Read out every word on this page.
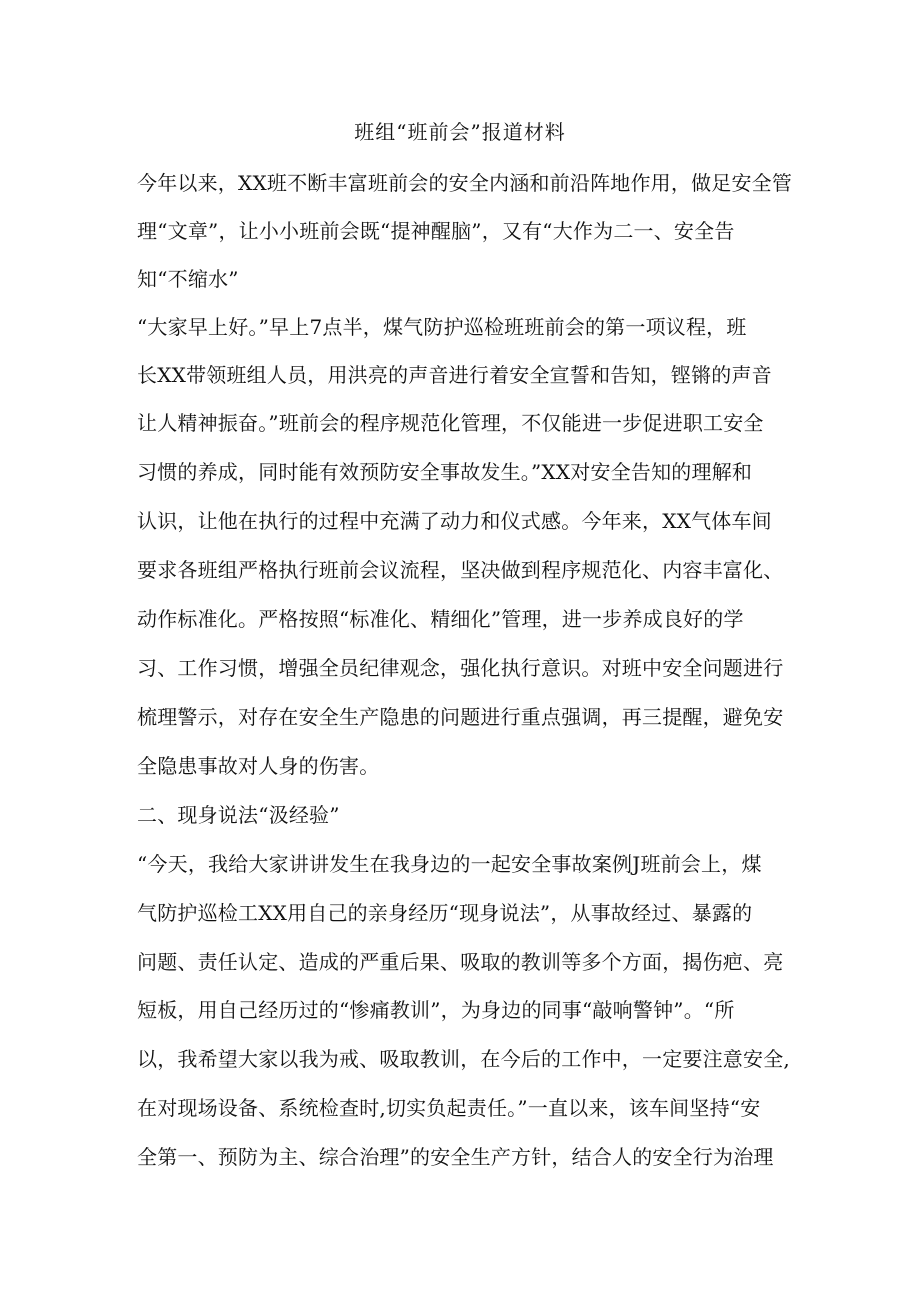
班组“班前会”报道材料
今年以来，XX班不断丰富班前会的安全内涵和前沿阵地作用，做足安全管
理“文章”，让小小班前会既“提神醒脑”，又有“大作为二一、安全告
知“不缩水”
“大家早上好。”早上7点半，煤气防护巡检班班前会的第一项议程，班
长XX带领班组人员，用洪亮的声音进行着安全宣誓和告知，铿锵的声音
让人精神振奋。”班前会的程序规范化管理，不仅能进一步促进职工安全
习惯的养成，同时能有效预防安全事故发生。”XX对安全告知的理解和
认识，让他在执行的过程中充满了动力和仪式感。今年来，XX气体车间
要求各班组严格执行班前会议流程，坚决做到程序规范化、内容丰富化、
动作标准化。严格按照“标准化、精细化”管理，进一步养成良好的学
习、工作习惯，增强全员纪律观念，强化执行意识。对班中安全问题进行
梳理警示，对存在安全生产隐患的问题进行重点强调，再三提醒，避免安
全隐患事故对人身的伤害。
二、现身说法“汲经验”
“今天，我给大家讲讲发生在我身边的一起安全事故案例J班前会上，煤
气防护巡检工XX用自己的亲身经历“现身说法”，从事故经过、暴露的
问题、责任认定、造成的严重后果、吸取的教训等多个方面，揭伤疤、亮
短板，用自己经历过的“惨痛教训”，为身边的同事“敲响警钟”。“所
以，我希望大家以我为戒、吸取教训，在今后的工作中，一定要注意安全,
在对现场设备、系统检查时,切实负起责任。”一直以来，该车间坚持“安
全第一、预防为主、综合治理”的安全生产方针，结合人的安全行为治理
